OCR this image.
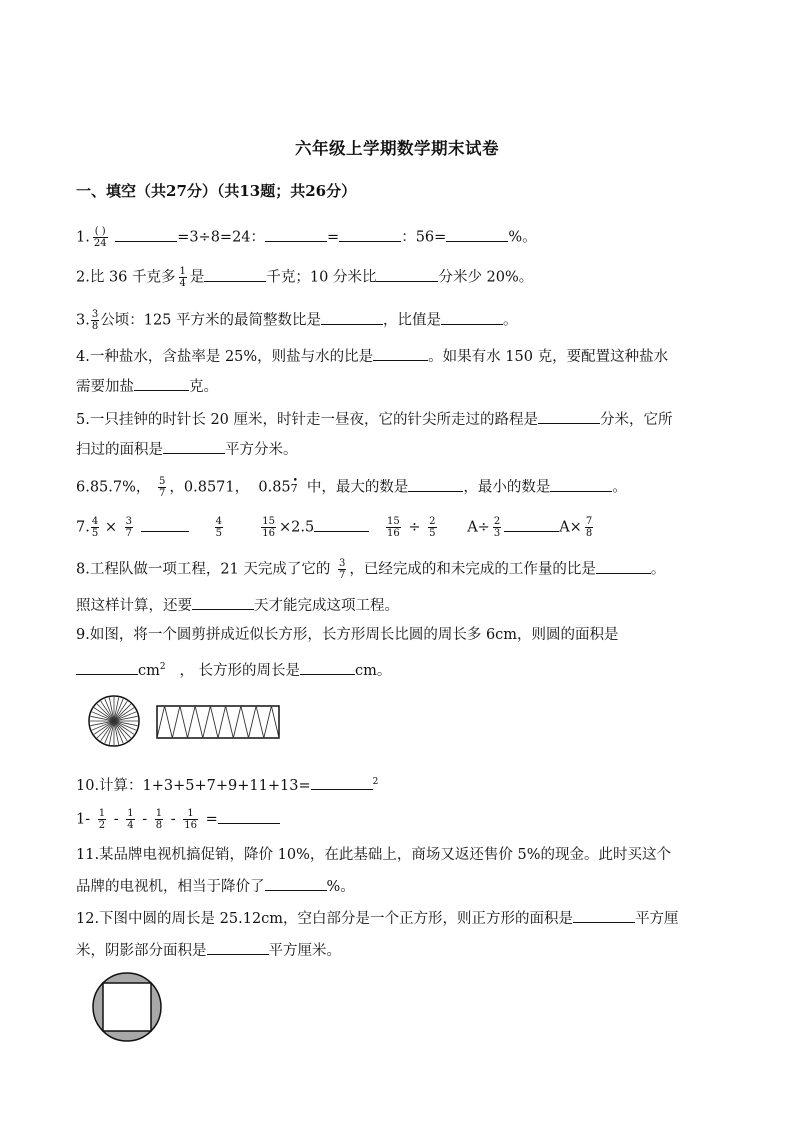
六年级上学期数学期末试卷
一、填空（共27分）（共13题；共26分）
1. $\frac{( )}{24}$	=3÷8=24：	=	：56=	%。
2.比 36 千克多 $\frac{1}{4}$ 是	千克；10 分米比	分米少 20%。
3. $\frac{3}{8}$ 公顷：125 平方米的最简整数比是	，比值是	。
4.一种盐水，含盐率是 25%，则盐与水的比是	。如果有水 150 克，要配置这种盐水
需要加盐	克。
5.一只挂钟的时针长 20 厘米，时针走一昼夜，它的针尖所走过的路程是	分米，它所
扫过的面积是	平方分米。
6.85.7%， $\frac{5}{7}$ ，0.8571， 0.85• 7 中，最大的数是	，最小的数是	。
7. $\frac{4}{5} \times \frac{3}{7}$
	$\frac{4}{5}$
	$\frac{15}{16} \times 2.5$	$\frac{15}{16} \div \frac{2}{5} A\div \frac{2}{3}$	$A\times \frac{7}{8}$
8.工程队做一项工程，21 天完成了它的 $\frac{3}{7}$ ，已经完成的和未完成的工作量的比是	。
照这样计算，还要	天才能完成这项工程。
9.如图，将一个圆剪拼成近似长方形，长方形周长比圆的周长多 6cm，则圆的面积是
$cm^2$ ， 长方形的周长是	cm。
10.计算：1+3+5+7+9+11+13=	$^2$
$1- \frac{1}{2} - \frac{1}{4} - \frac{1}{8} - \frac{1}{16}$ =
11.某品牌电视机搞促销，降价 10%，在此基础上，商场又返还售价 5%的现金。此时买这个
品牌的电视机，相当于降价了	%。
12.下图中圆的周长是 25.12cm，空白部分是一个正方形，则正方形的面积是	平方厘
米，阴影部分面积是	平方厘米。
